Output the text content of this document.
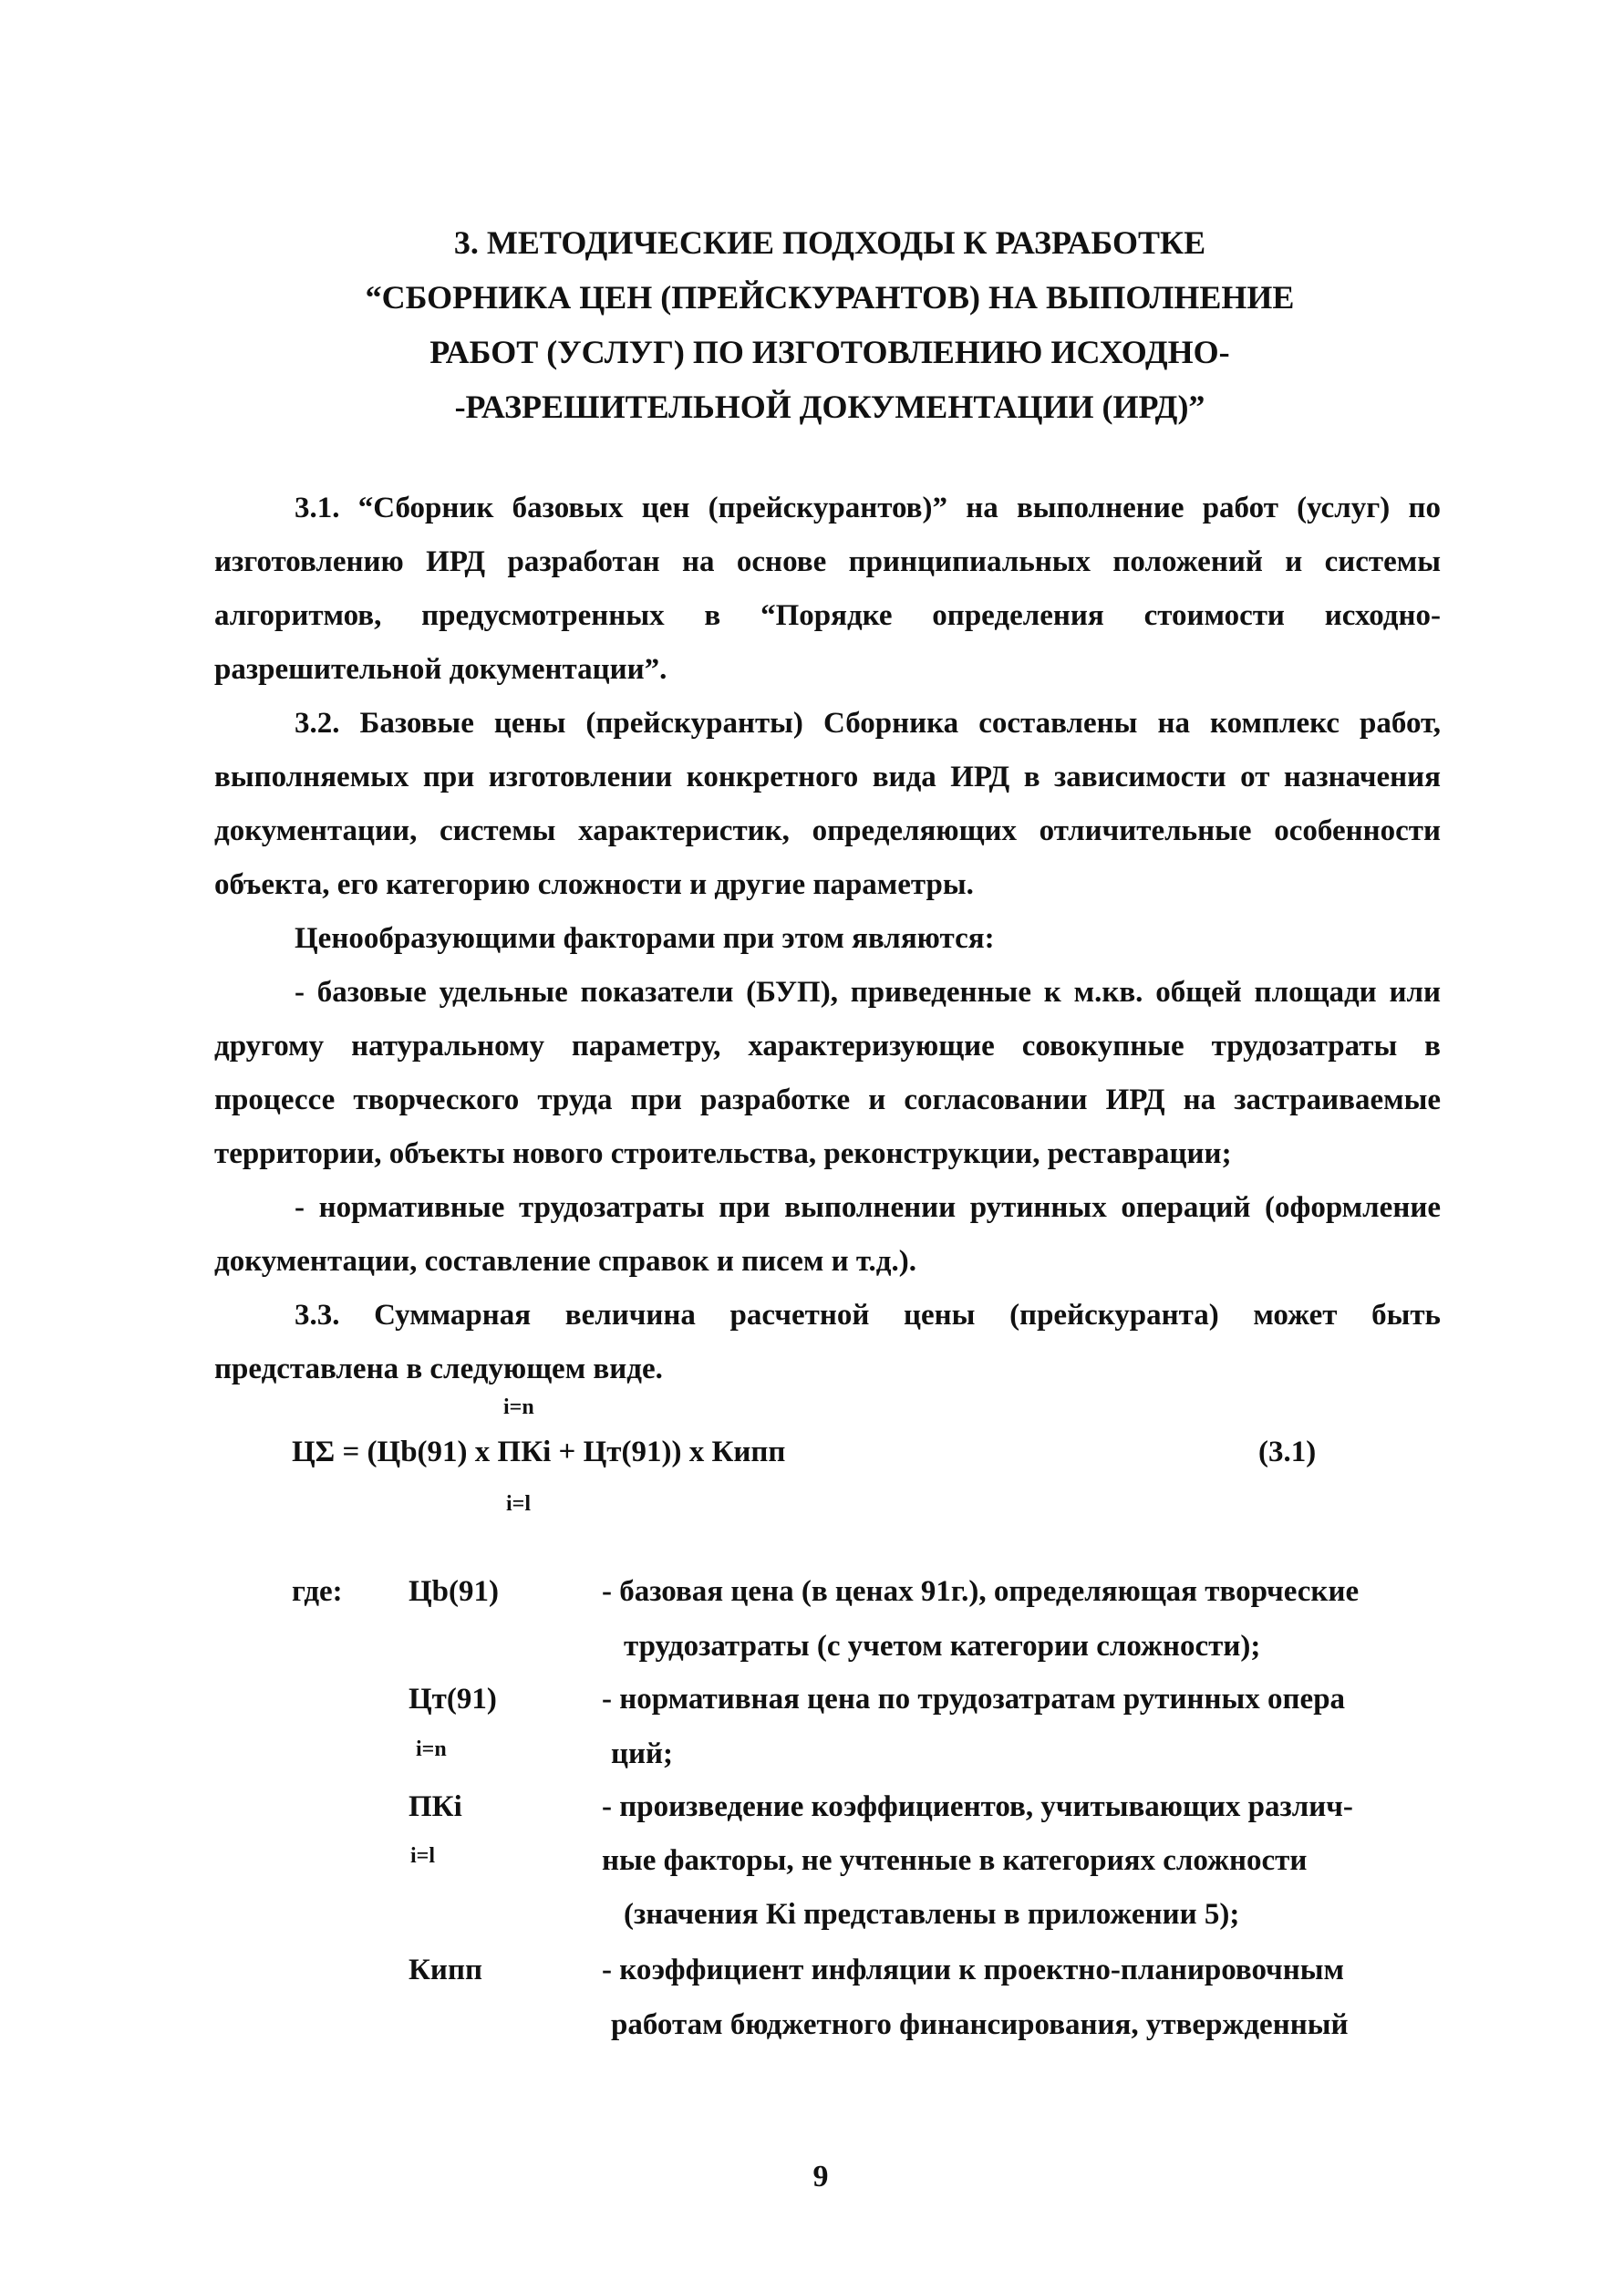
3. МЕТОДИЧЕСКИЕ ПОДХОДЫ К РАЗРАБОТКЕ
“СБОРНИКА ЦЕН (ПРЕЙСКУРАНТОВ) НА ВЫПОЛНЕНИЕ
РАБОТ (УСЛУГ) ПО ИЗГОТОВЛЕНИЮ ИСХОДНО-
-РАЗРЕШИТЕЛЬНОЙ ДОКУМЕНТАЦИИ (ИРД)”

3.1. “Сборник базовых цен (прейскурантов)” на выполнение работ (услуг) по изготовлению ИРД разработан на основе принципиальных положений и системы алгоритмов, предусмотренных в “Порядке определения стоимости исходно-разрешительной документации”.

3.2. Базовые цены (прейскуранты) Сборника составлены на комплекс работ, выполняемых при изготовлении конкретного вида ИРД в зависимости от назначения документации, системы характеристик, определяющих отличительные особенности объекта, его категорию сложности и другие параметры.

Ценообразующими факторами при этом являются:

- базовые удельные показатели (БУП), приведенные к м.кв. общей площади или другому натуральному параметру, характеризующие совокупные трудозатраты в процессе творческого труда при разработке и согласовании ИРД на застраиваемые территории, объекты нового строительства, реконструкции, реставрации;

- нормативные трудозатраты при выполнении рутинных операций (оформление документации, составление справок и писем и т.д.).

3.3. Суммарная величина расчетной цены (прейскуранта) может быть представлена в следующем виде.

i=n
ЦΣ = (Цb(91) x ПКi + Цт(91)) x Кипп
i=l
(3.1)
где: Цb(91)	- базовая цена (в ценах 91г.), определяющая творческие
трудозатраты (с учетом категории сложности);
Цт(91)	- нормативная цена по трудозатратам рутинных опера
i=n	ций;
ПКi	- произведение коэффициентов, учитывающих различ-
i=l	ные факторы, не учтенные в категориях сложности
(значения Кi представлены в приложении 5);
Кипп	- коэффициент инфляции к проектно-планировочным
работам бюджетного финансирования, утвержденный
9
